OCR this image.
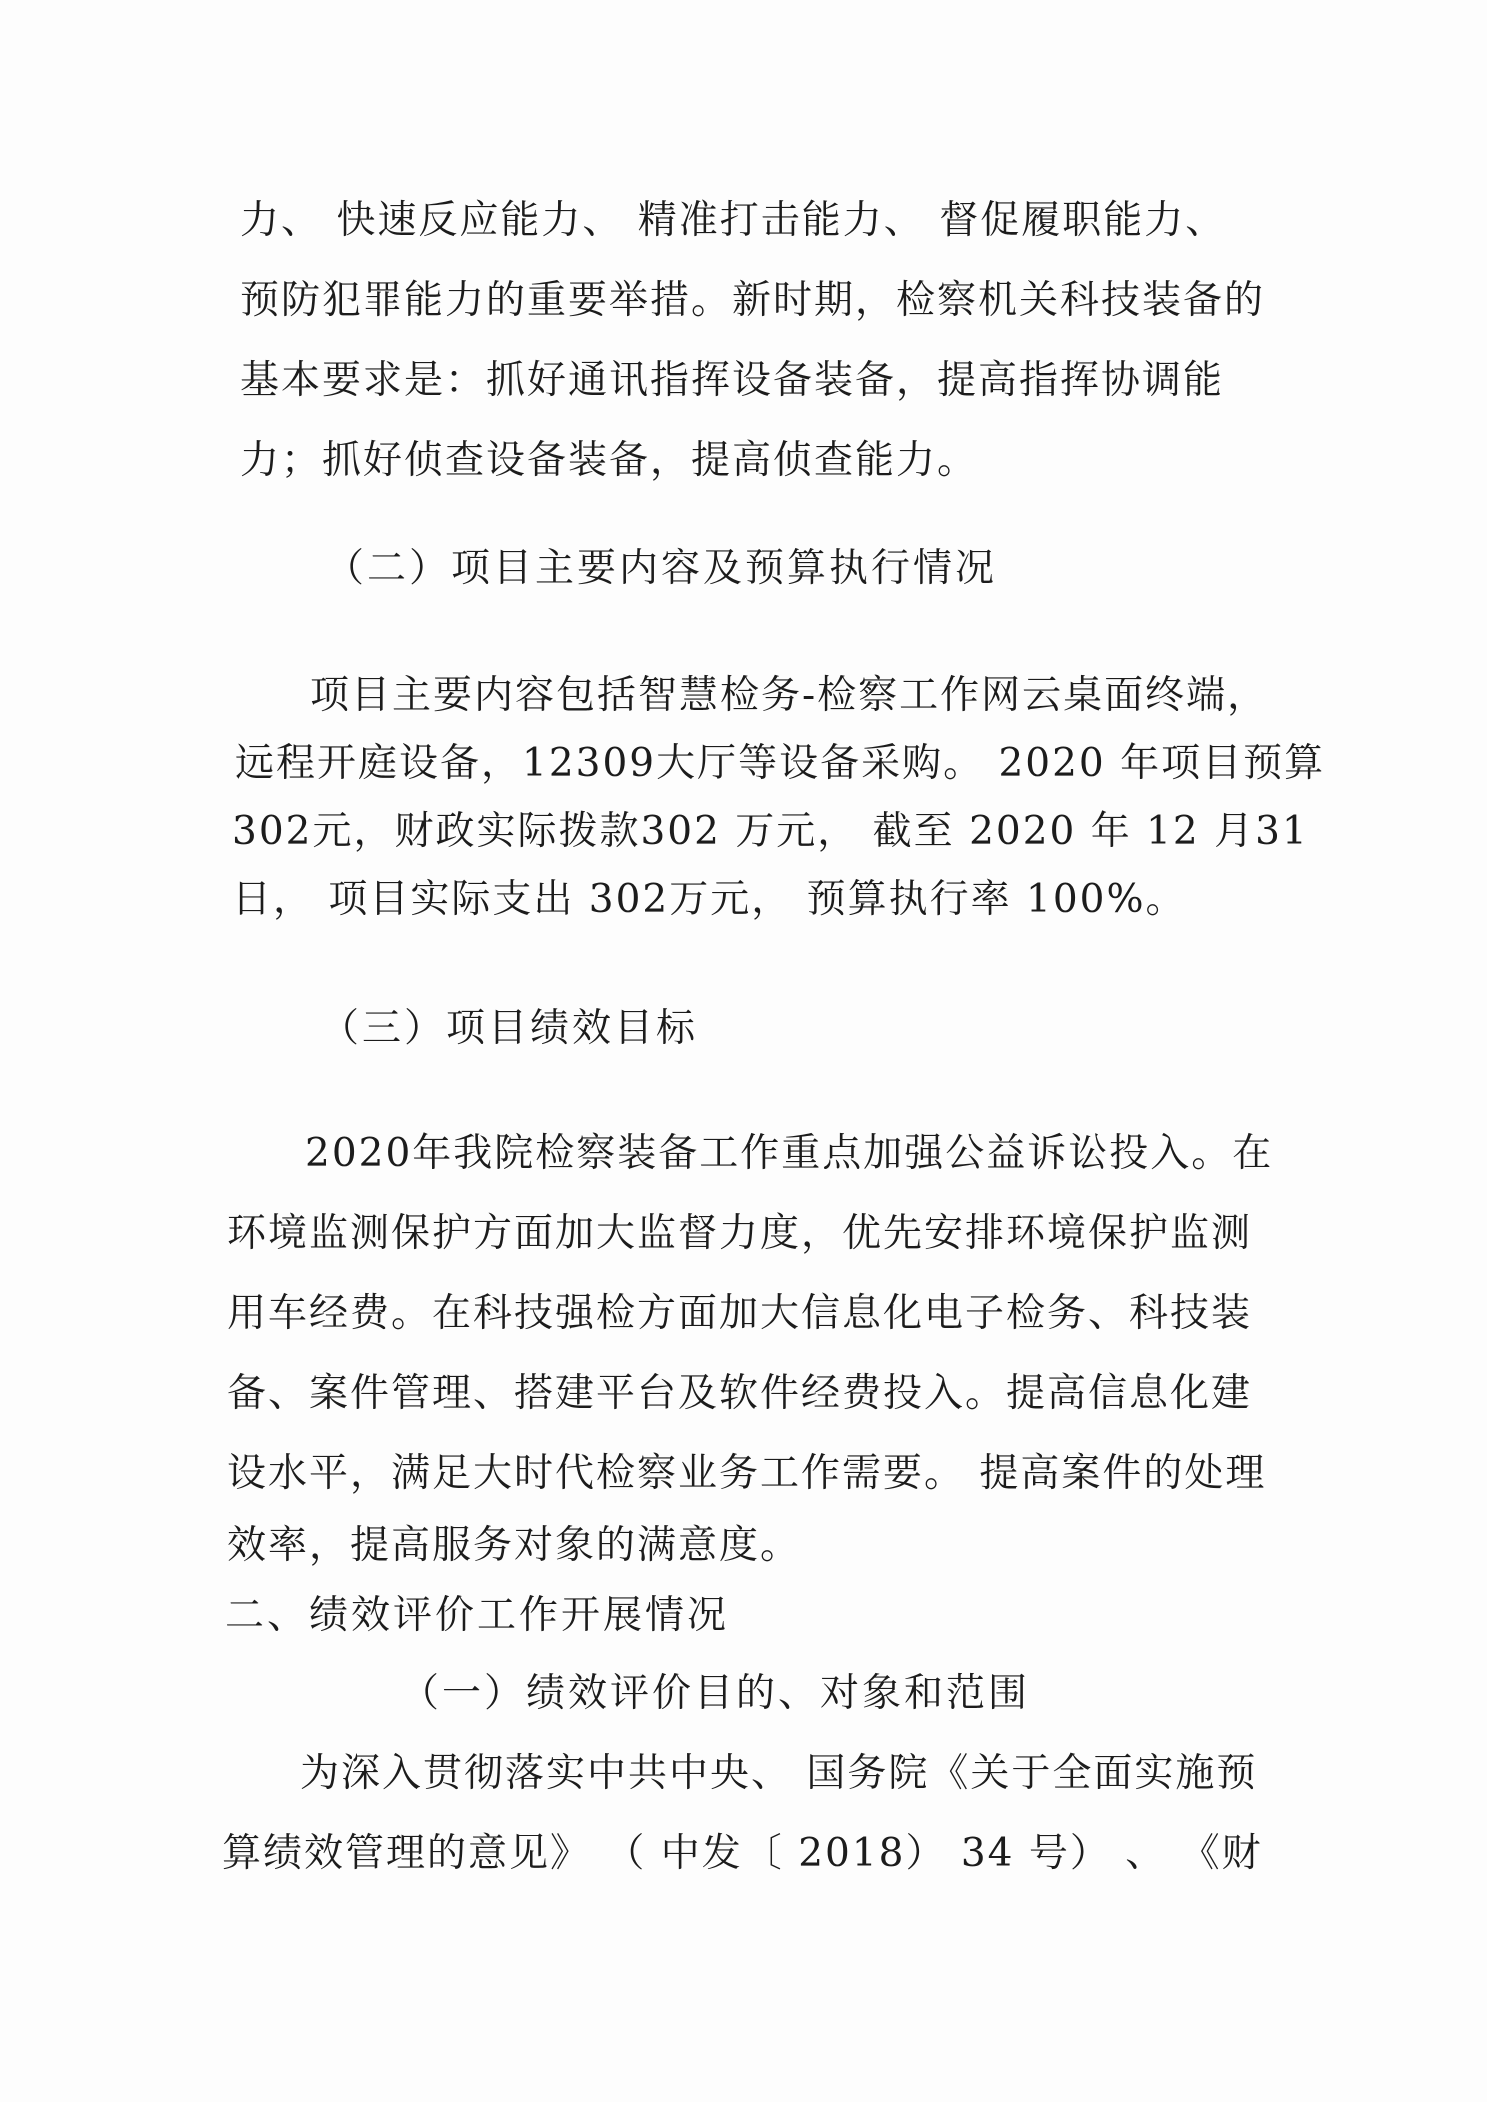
力、 快速反应能力、 精准打击能力、 督促履职能力、
预防犯罪能力的重要举措。新时期，检察机关科技装备的
基本要求是：抓好通讯指挥设备装备，提高指挥协调能
力；抓好侦查设备装备，提高侦查能力。
（二）项目主要内容及预算执行情况
项目主要内容包括智慧检务-检察工作网云桌面终端，
远程开庭设备，12309大厅等设备采购。 2020 年项目预算
302元，财政实际拨款302 万元， 截至 2020 年 12 月31
日， 项目实际支出 302万元， 预算执行率 100%。
（三）项目绩效目标
2020年我院检察装备工作重点加强公益诉讼投入。在
环境监测保护方面加大监督力度，优先安排环境保护监测
用车经费。在科技强检方面加大信息化电子检务、科技装
备、案件管理、搭建平台及软件经费投入。提高信息化建
设水平，满足大时代检察业务工作需要。 提高案件的处理
效率，提高服务对象的满意度。
二、绩效评价工作开展情况
（一）绩效评价目的、对象和范围
为深入贯彻落实中共中央、 国务院《关于全面实施预
算绩效管理的意见》 （ 中发〔 2018） 34 号） 、 《财
